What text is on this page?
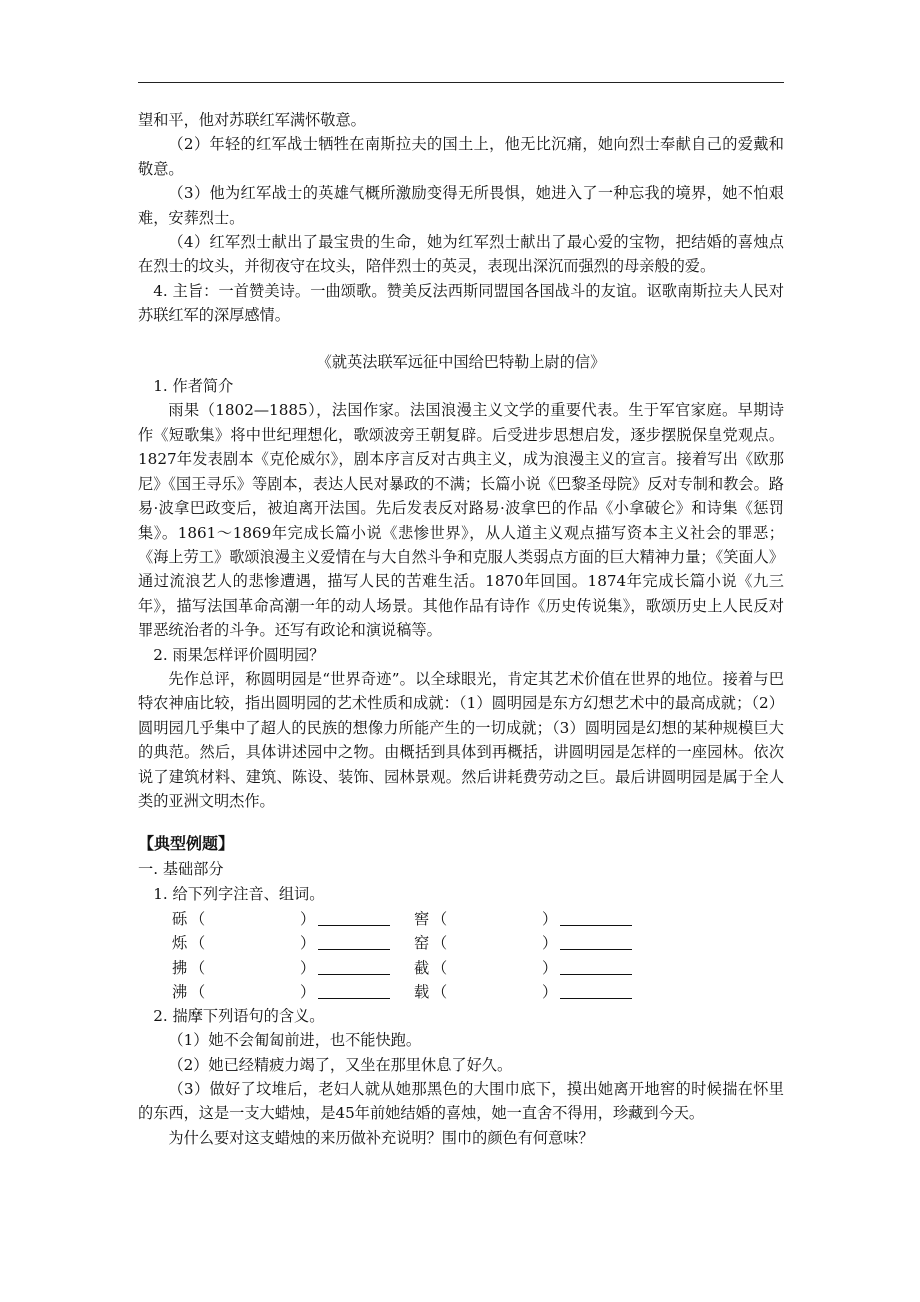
望和平，他对苏联红军满怀敬意。

（2）年轻的红军战士牺牲在南斯拉夫的国土上，他无比沉痛，她向烈士奉献自己的爱戴和敬意。

（3）他为红军战士的英雄气概所激励变得无所畏惧，她进入了一种忘我的境界，她不怕艰难，安葬烈士。

（4）红军烈士献出了最宝贵的生命，她为红军烈士献出了最心爱的宝物，把结婚的喜烛点在烈士的坟头，并彻夜守在坟头，陪伴烈士的英灵，表现出深沉而强烈的母亲般的爱。

4. 主旨：一首赞美诗。一曲颂歌。赞美反法西斯同盟国各国战斗的友谊。讴歌南斯拉夫人民对苏联红军的深厚感情。

《就英法联军远征中国给巴特勒上尉的信》

1. 作者简介

雨果（1802—1885），法国作家。法国浪漫主义文学的重要代表。生于军官家庭。早期诗作《短歌集》将中世纪理想化，歌颂波旁王朝复辟。后受进步思想启发，逐步摆脱保皇党观点。1827年发表剧本《克伦威尔》，剧本序言反对古典主义，成为浪漫主义的宣言。接着写出《欧那尼》《国王寻乐》等剧本，表达人民对暴政的不满；长篇小说《巴黎圣母院》反对专制和教会。路易·波拿巴政变后，被迫离开法国。先后发表反对路易·波拿巴的作品《小拿破仑》和诗集《惩罚集》。1861～1869年完成长篇小说《悲惨世界》，从人道主义观点描写资本主义社会的罪恶；《海上劳工》歌颂浪漫主义爱情在与大自然斗争和克服人类弱点方面的巨大精神力量；《笑面人》通过流浪艺人的悲惨遭遇，描写人民的苦难生活。1870年回国。1874年完成长篇小说《九三年》，描写法国革命高潮一年的动人场景。其他作品有诗作《历史传说集》，歌颂历史上人民反对罪恶统治者的斗争。还写有政论和演说稿等。

2. 雨果怎样评价圆明园？

先作总评，称圆明园是“世界奇迹”。以全球眼光，肯定其艺术价值在世界的地位。接着与巴特农神庙比较，指出圆明园的艺术性质和成就：（1）圆明园是东方幻想艺术中的最高成就；（2）圆明园几乎集中了超人的民族的想像力所能产生的一切成就；（3）圆明园是幻想的某种规模巨大的典范。然后，具体讲述园中之物。由概括到具体到再概括，讲圆明园是怎样的一座园林。依次说了建筑材料、建筑、陈设、装饰、园林景观。然后讲耗费劳动之巨。最后讲圆明园是属于全人类的亚洲文明杰作。

【典型例题】

一. 基础部分

1. 给下列字注音、组词。

砾 （	）	窖 （	）
烁 （	）	窑 （	）
拂 （	）	截 （	）
沸 （	）	载 （	）

2. 揣摩下列语句的含义。

（1）她不会匍匐前进，也不能快跑。

（2）她已经精疲力竭了，又坐在那里休息了好久。

（3）做好了坟堆后，老妇人就从她那黑色的大围巾底下，摸出她离开地窖的时候揣在怀里的东西，这是一支大蜡烛，是45年前她结婚的喜烛，她一直舍不得用，珍藏到今天。

为什么要对这支蜡烛的来历做补充说明？围巾的颜色有何意味？
